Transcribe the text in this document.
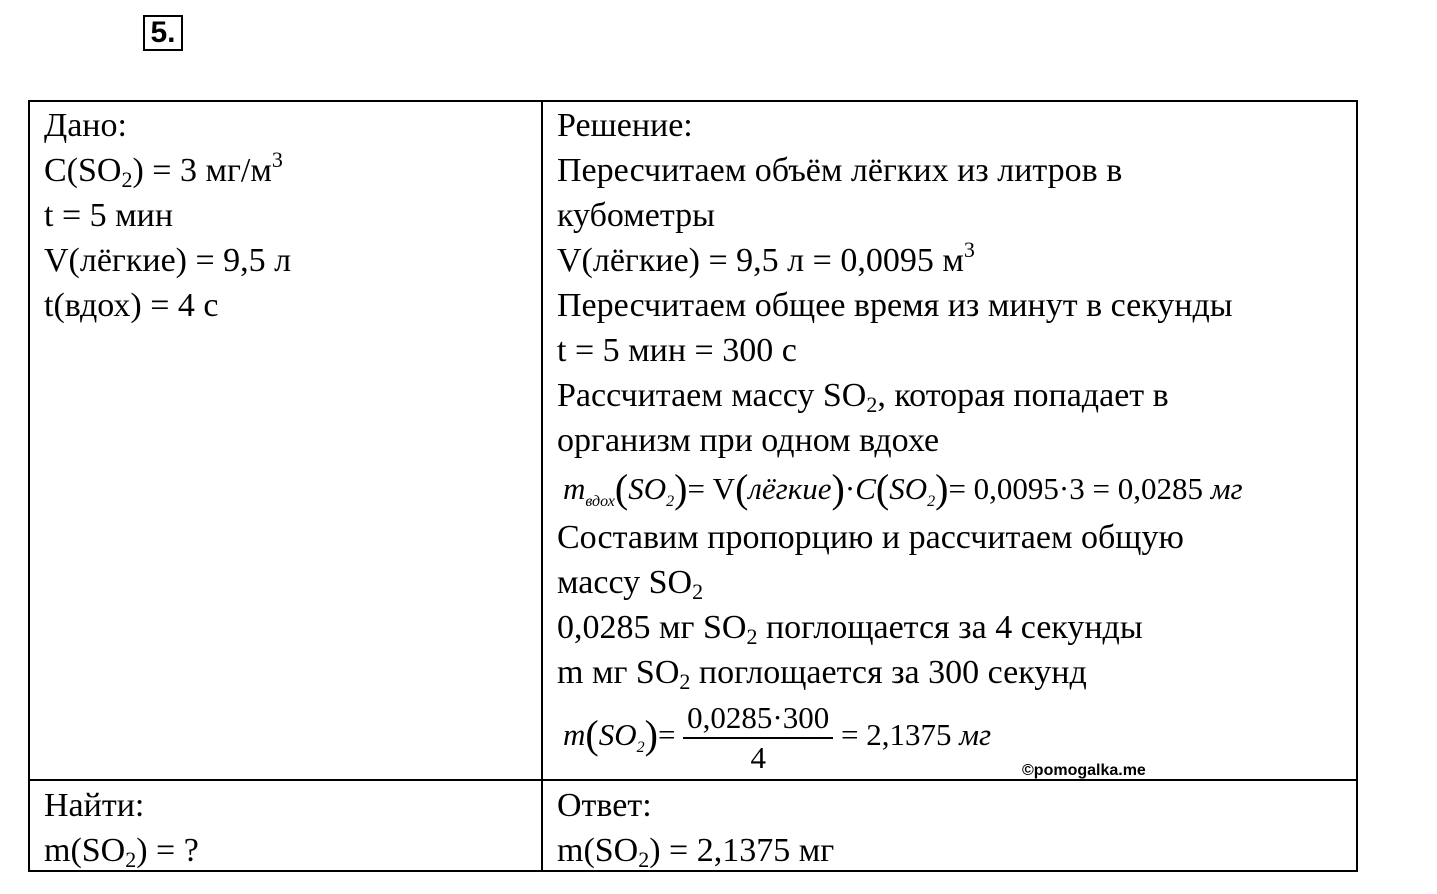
5.
Дано:
$C(SO_2) = 3$ $мг/м^3$
t = 5 мин
V(лёгкие) = 9,5 л
t(вдох) = 4 с
Решение:
Пересчитаем объём лёгких из литров в
кубометры
V(лёгкие) = 9,5 л = 0,0095 $м^3$
Пересчитаем общее время из минут в секунды
t = 5 мин = 300 с
Рассчитаем массу $SO_2$, которая попадает в
организм при одном вдохе
$m_{вдох}(SO_2)=$ $V(лёгкие)\cdot C(SO_2)= 0,0095\cdot 3 = 0,0285$ мг
Составим пропорцию и рассчитаем общую
массу $SO_2$
0,0285 мг $SO_2$ поглощается за 4 секунды
m мг $SO_2$ поглощается за 300 секунд
$m(SO_2)= \frac{0,0285\cdot 300}{4} = 2,1375$ мг
Найти:
$m(SO_2)$ = ?
Ответ:
$m(SO_2) = 2,1375$ мг
©pomogalka.me
